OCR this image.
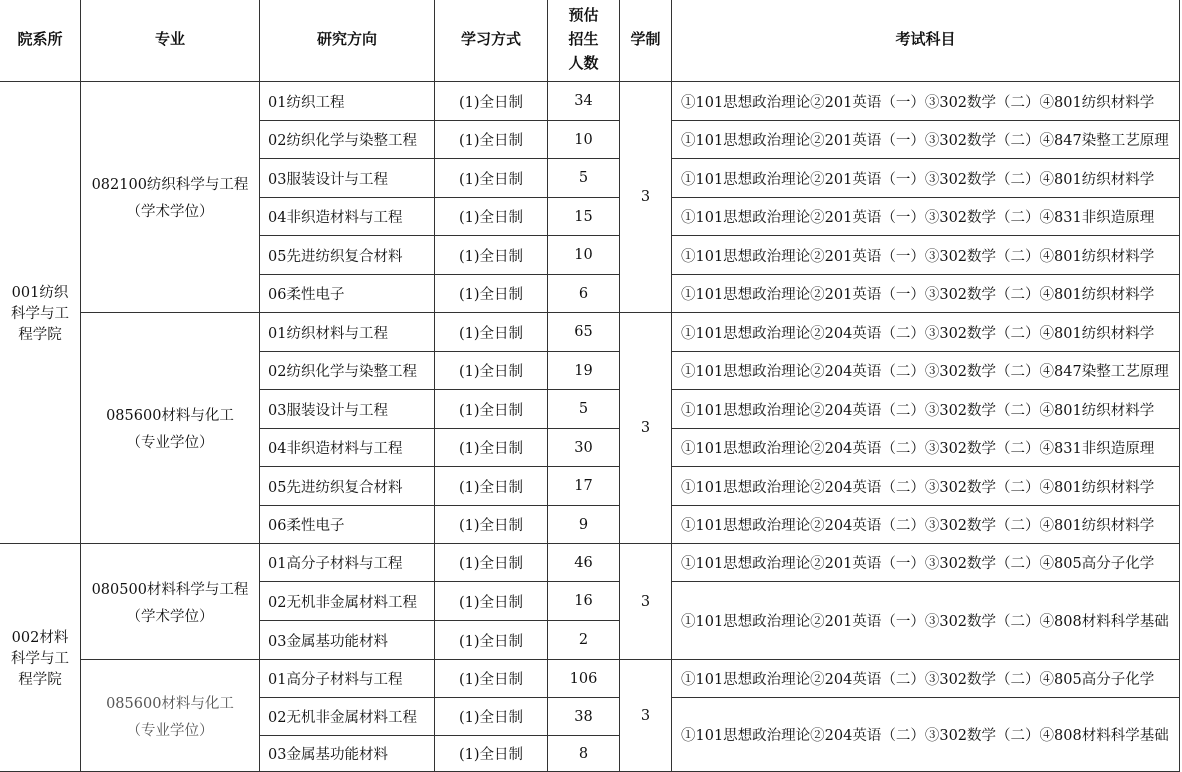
院系所	专业	研究方向	学习方式	预估
招生
人数	学制	考试科目

001纺织
科学与工
程学院	082100纺织科学与工程
（学术学位）	01纺织工程	(1)全日制	34	3	①101思想政治理论②201英语（一）③302数学（二）④801纺织材料学
		02纺织化学与染整工程	(1)全日制	10		①101思想政治理论②201英语（一）③302数学（二）④847染整工艺原理
		03服装设计与工程	(1)全日制	5		①101思想政治理论②201英语（一）③302数学（二）④801纺织材料学
		04非织造材料与工程	(1)全日制	15		①101思想政治理论②201英语（一）③302数学（二）④831非织造原理
		05先进纺织复合材料	(1)全日制	10		①101思想政治理论②201英语（一）③302数学（二）④801纺织材料学
		06柔性电子	(1)全日制	6		①101思想政治理论②201英语（一）③302数学（二）④801纺织材料学

	085600材料与化工
（专业学位）	01纺织材料与工程	(1)全日制	65	3	①101思想政治理论②204英语（二）③302数学（二）④801纺织材料学
		02纺织化学与染整工程	(1)全日制	19		①101思想政治理论②204英语（二）③302数学（二）④847染整工艺原理
		03服装设计与工程	(1)全日制	5		①101思想政治理论②204英语（二）③302数学（二）④801纺织材料学
		04非织造材料与工程	(1)全日制	30		①101思想政治理论②204英语（二）③302数学（二）④831非织造原理
		05先进纺织复合材料	(1)全日制	17		①101思想政治理论②204英语（二）③302数学（二）④801纺织材料学
		06柔性电子	(1)全日制	9		①101思想政治理论②204英语（二）③302数学（二）④801纺织材料学

002材料
科学与工
程学院	080500材料科学与工程
（学术学位）	01高分子材料与工程	(1)全日制	46	3	①101思想政治理论②201英语（一）③302数学（二）④805高分子化学
		02无机非金属材料工程	(1)全日制	16		①101思想政治理论②201英语（一）③302数学（二）④808材料科学基础
		03金属基功能材料	(1)全日制	2		

	085600材料与化工
（专业学位）	01高分子材料与工程	(1)全日制	106	3	①101思想政治理论②204英语（二）③302数学（二）④805高分子化学
		02无机非金属材料工程	(1)全日制	38		①101思想政治理论②204英语（二）③302数学（二）④808材料科学基础
		03金属基功能材料	(1)全日制	8		
